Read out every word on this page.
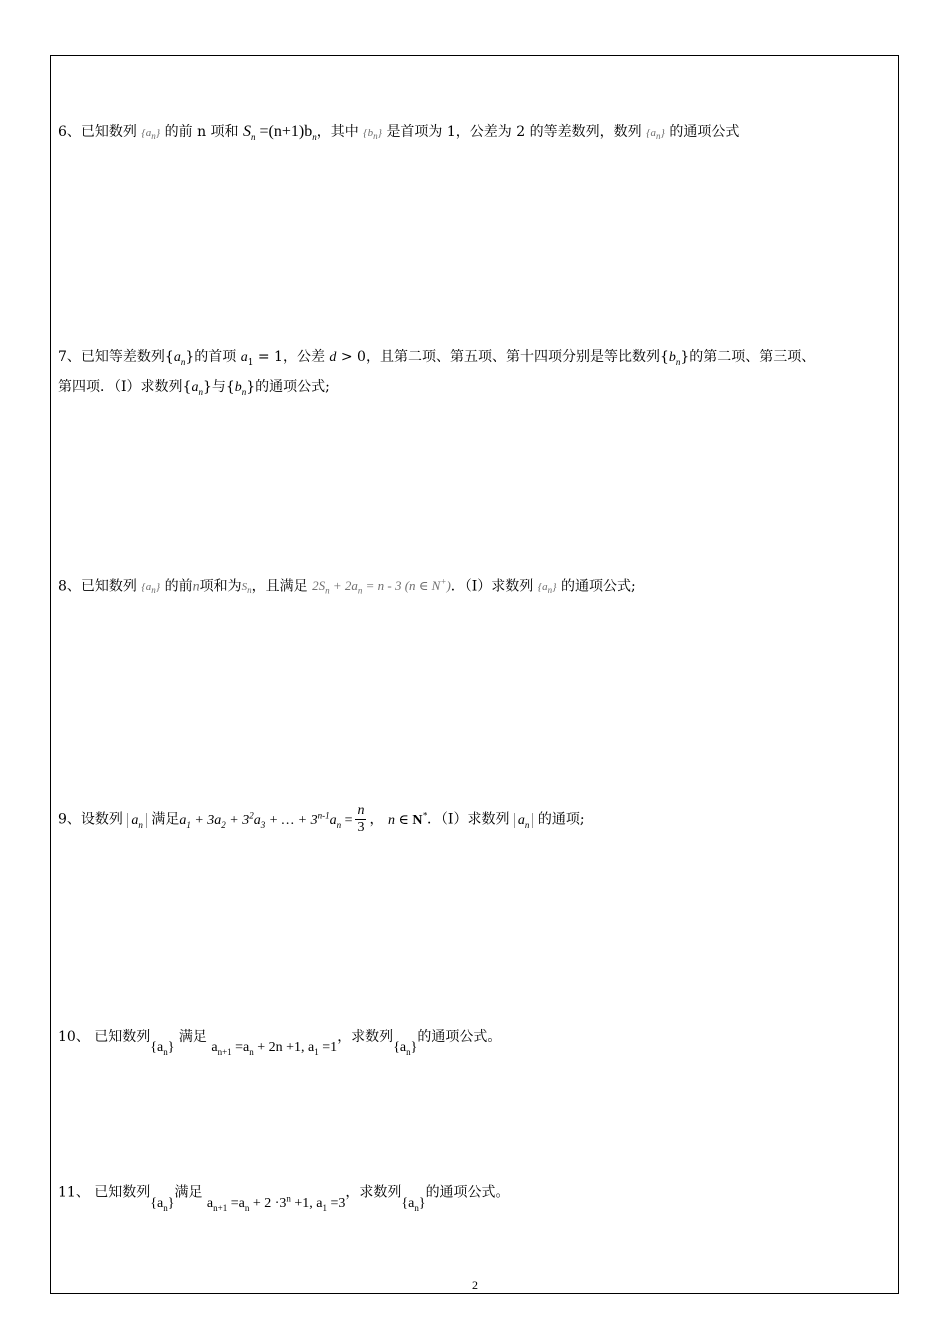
6、已知数列 $\{a_n\}$ 的前 n 项和 $S_n =(n+1)b_n$，其中 $\{b_n\}$ 是首项为 1，公差为 2 的等差数列，数列 $\{a_n\}$ 的通项公式
7、已知等差数列$\{a_n\}$的首项 $a_1 = 1$，公差 d > 0，且第二项、第五项、第十四项分别是等比数列$\{b_n\}$的第二项、第三项、
第四项．（Ⅰ）求数列$\{a_n\}$与$\{b_n\}$的通项公式;
8、已知数列 $\{a_n\}$ 的前n项和为$S_n$，且满足 $2S_n + 2a_n = n - 3$ (n ∈ N+)．（Ⅰ）求数列 $\{a_n\}$ 的通项公式;
9、设数列 $a_n$ 满足$a_1 + 3a_2 + 3^2a_3$ + … + $3^{n-1}a_n = \frac{n}{3}$ ， n ∈ N*．（Ⅰ）求数列 $a_n$ 的通项;
10、 已知数列$\{a_n\}$ 满足 $a_{n+1} =a_n + 2n +1$, $a_1 =1$，求数列$\{a_n\}$的通项公式。
11、 已知数列$\{a_n\}$满足 $a_{n+1} =a_n + 2 \cdot 3^n +1$, $a_1 =3$，求数列$\{a_n\}$的通项公式。
2
